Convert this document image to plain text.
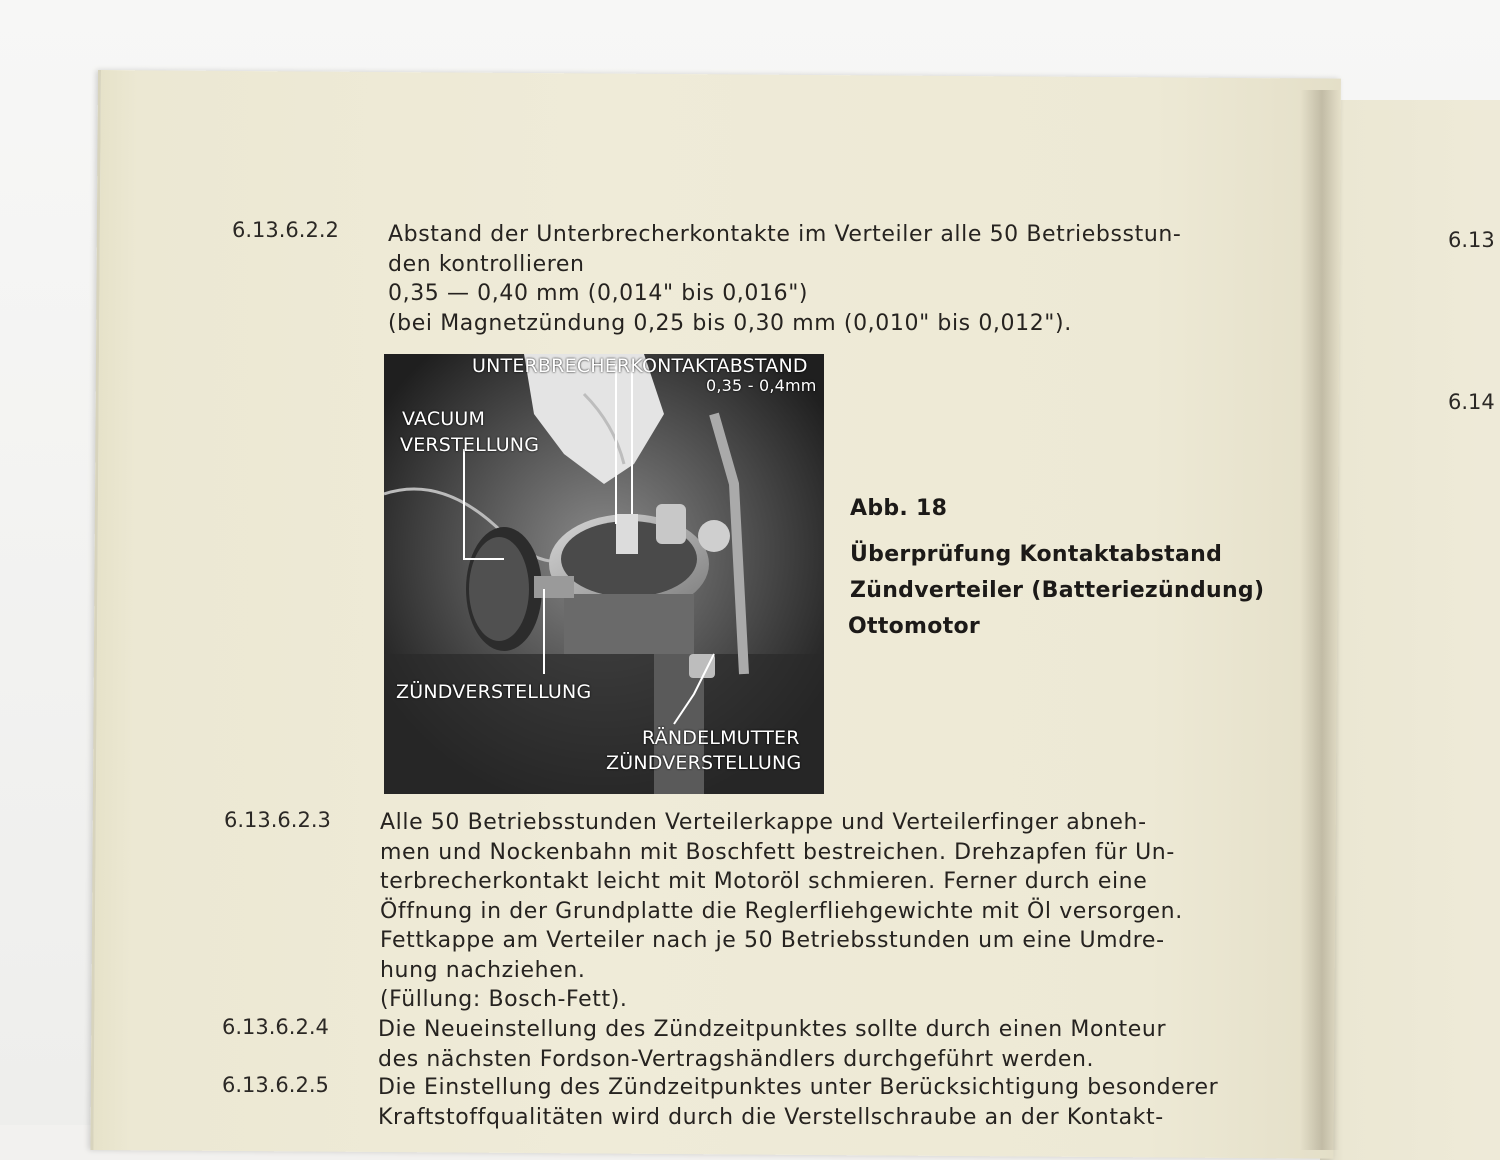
6.13.6.2.2 Abstand der Unterbrecherkontakte im Verteiler alle 50 Betriebsstun-
den kontrollieren
0,35 — 0,40 mm (0,014" bis 0,016")
(bei Magnetzündung 0,25 bis 0,30 mm (0,010" bis 0,012").
UNTERBRECHERKONTAKTABSTAND
0,35 - 0,4mm
VACUUM
VERSTELLUNG
ZÜNDVERSTELLUNG
RÄNDELMUTTER
ZÜNDVERSTELLUNG
Abb. 18
Überprüfung Kontaktabstand
Zündverteiler (Batteriezündung)
Ottomotor
6.13.6.2.3 Alle 50 Betriebsstunden Verteilerkappe und Verteilerfinger abneh-
men und Nockenbahn mit Boschfett bestreichen. Drehzapfen für Un-
terbrecherkontakt leicht mit Motoröl schmieren. Ferner durch eine
Öffnung in der Grundplatte die Reglerfliehgewichte mit Öl versorgen.
Fettkappe am Verteiler nach je 50 Betriebsstunden um eine Umdre-
hung nachziehen.
(Füllung: Bosch-Fett).
6.13.6.2.4 Die Neueinstellung des Zündzeitpunktes sollte durch einen Monteur
des nächsten Fordson-Vertragshändlers durchgeführt werden.
6.13.6.2.5 Die Einstellung des Zündzeitpunktes unter Berücksichtigung besonderer
Kraftstoffqualitäten wird durch die Verstellschraube an der Kontakt-
6.13
6.14
